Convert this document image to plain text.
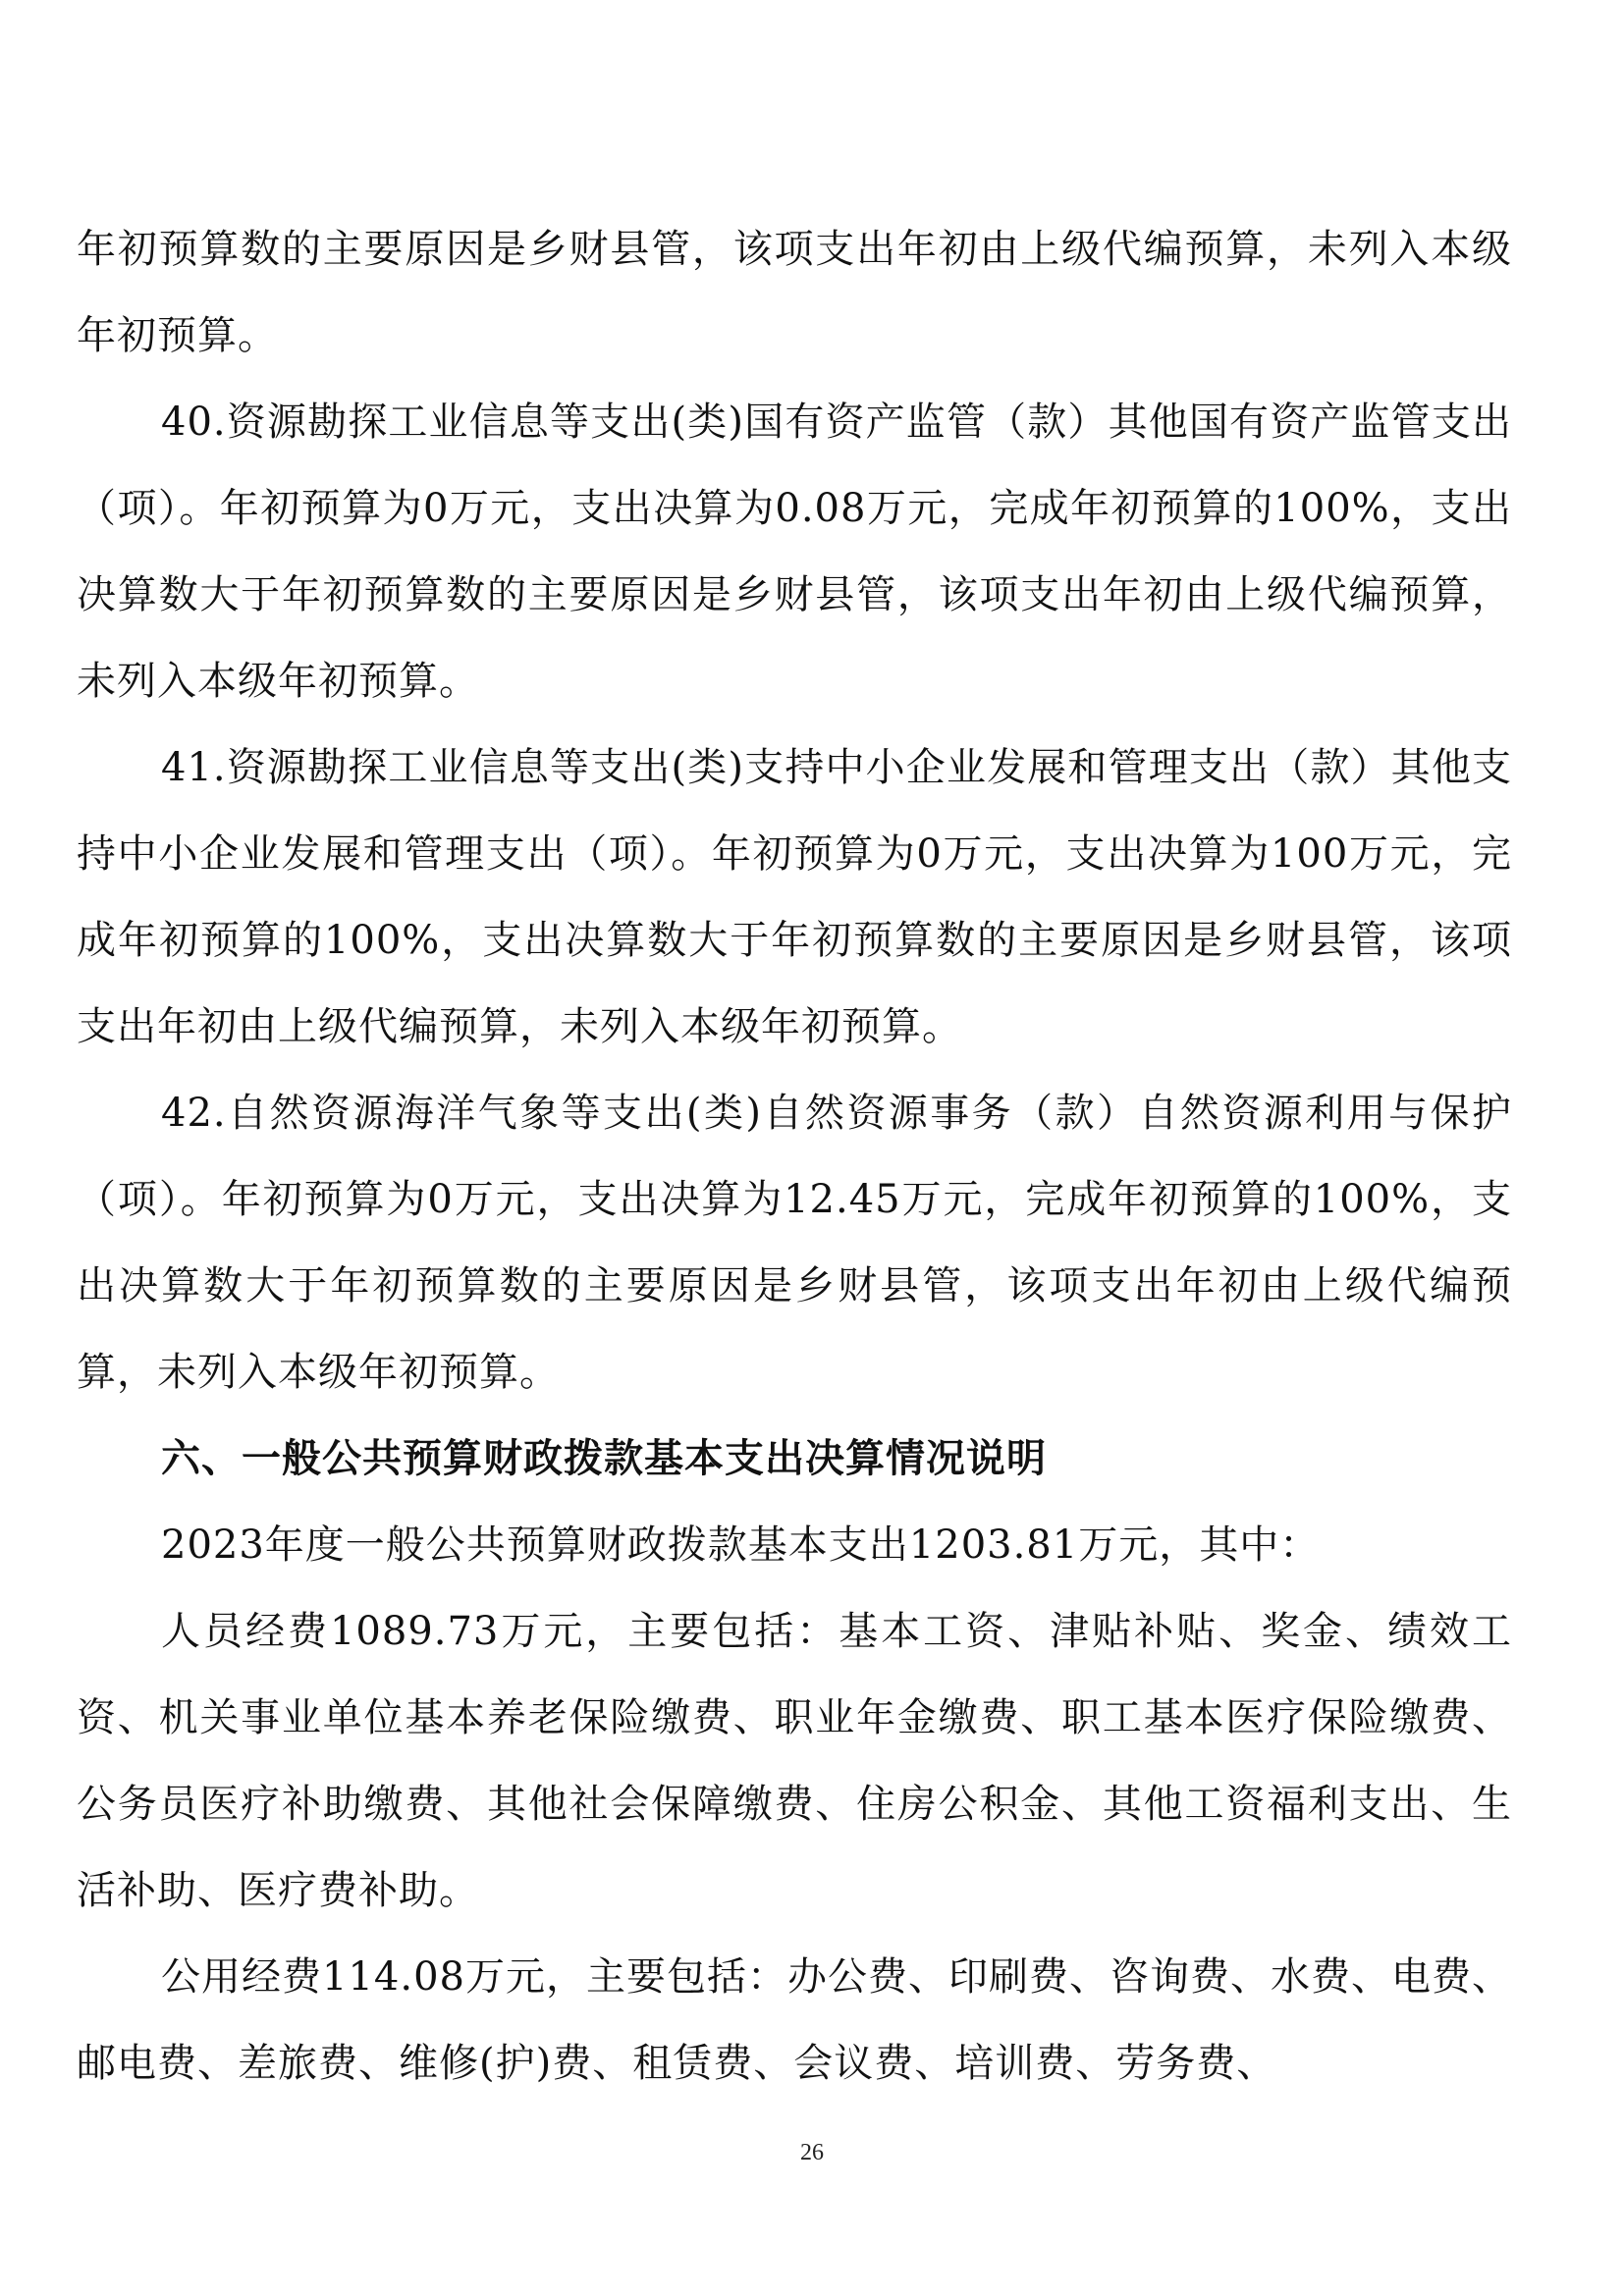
年初预算数的主要原因是乡财县管，该项支出年初由上级代编预算，未列入本级年初预算。

40.资源勘探工业信息等支出(类)国有资产监管（款）其他国有资产监管支出（项）。年初预算为0万元，支出决算为0.08万元，完成年初预算的100%，支出决算数大于年初预算数的主要原因是乡财县管，该项支出年初由上级代编预算，未列入本级年初预算。

41.资源勘探工业信息等支出(类)支持中小企业发展和管理支出（款）其他支持中小企业发展和管理支出（项）。年初预算为0万元，支出决算为100万元，完成年初预算的100%，支出决算数大于年初预算数的主要原因是乡财县管，该项支出年初由上级代编预算，未列入本级年初预算。

42.自然资源海洋气象等支出(类)自然资源事务（款）自然资源利用与保护（项）。年初预算为0万元，支出决算为12.45万元，完成年初预算的100%，支出决算数大于年初预算数的主要原因是乡财县管，该项支出年初由上级代编预算，未列入本级年初预算。

六、一般公共预算财政拨款基本支出决算情况说明

2023年度一般公共预算财政拨款基本支出1203.81万元，其中：

人员经费1089.73万元，主要包括：基本工资、津贴补贴、奖金、绩效工资、机关事业单位基本养老保险缴费、职业年金缴费、职工基本医疗保险缴费、公务员医疗补助缴费、其他社会保障缴费、住房公积金、其他工资福利支出、生活补助、医疗费补助。

公用经费114.08万元，主要包括：办公费、印刷费、咨询费、水费、电费、邮电费、差旅费、维修(护)费、租赁费、会议费、培训费、劳务费、

26
